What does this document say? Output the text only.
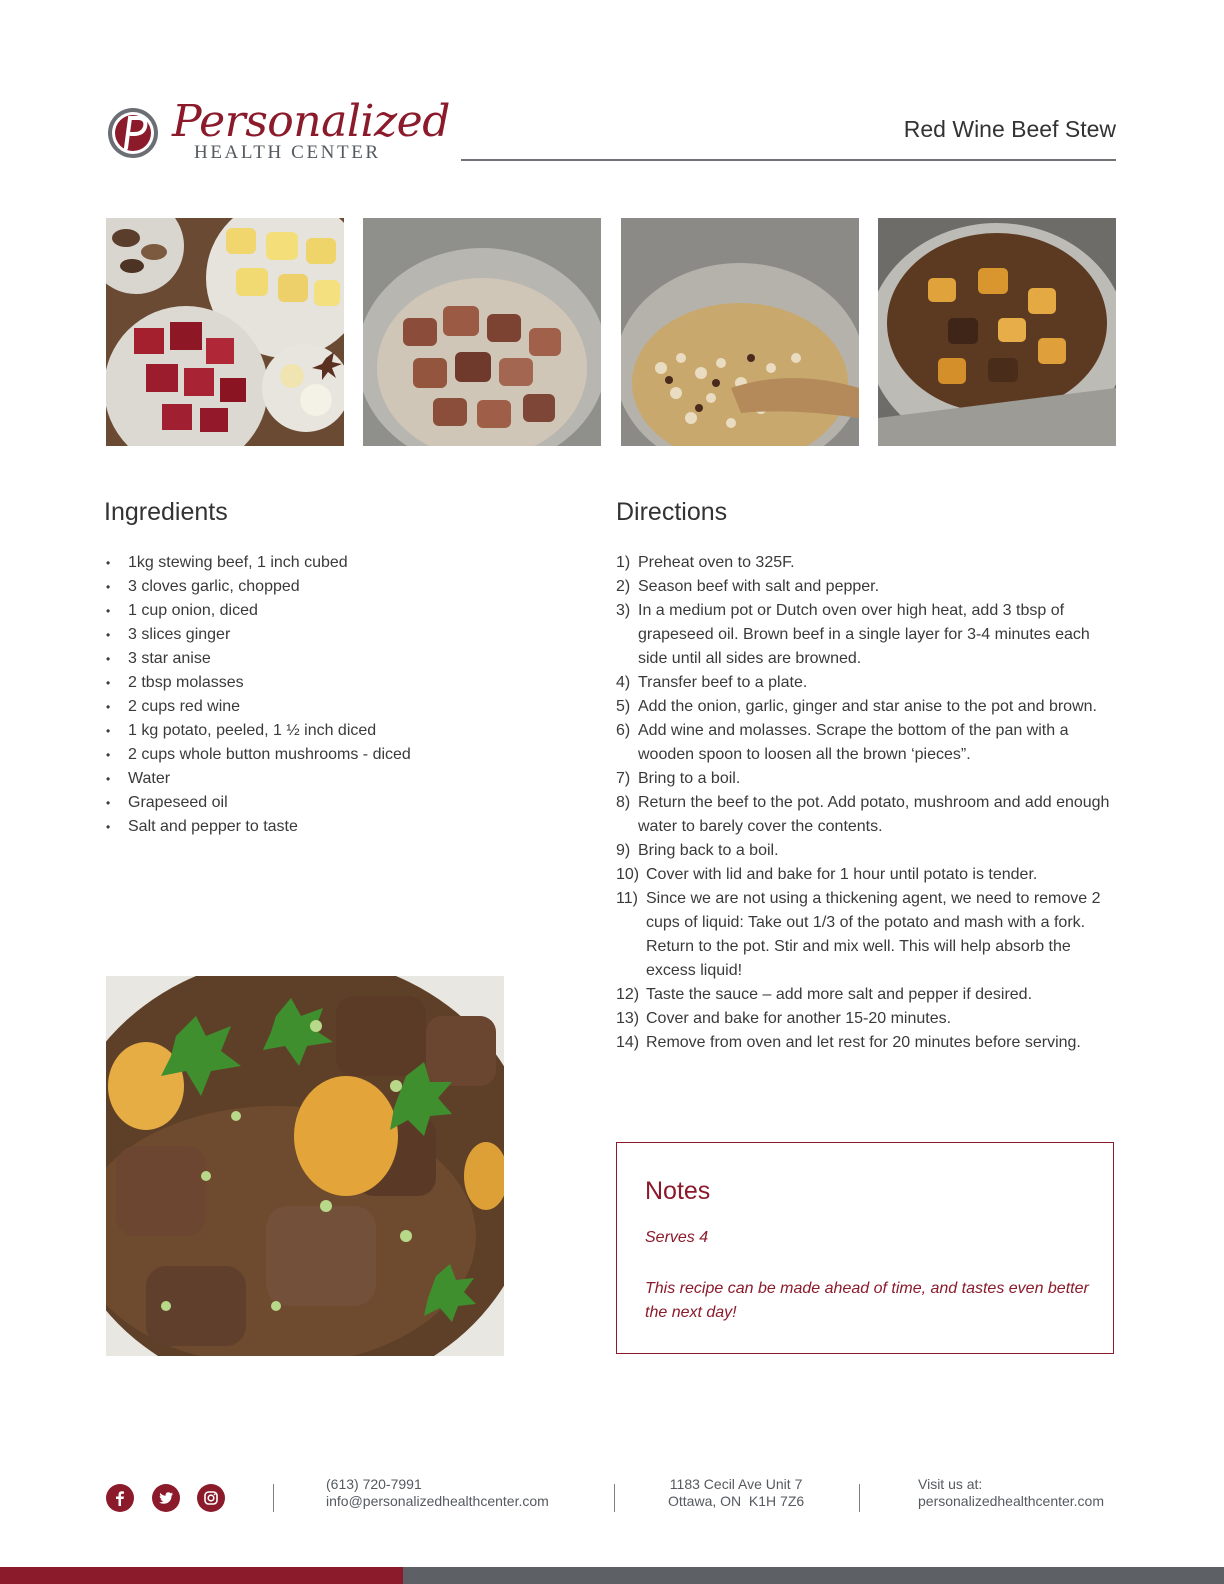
Personalized
HEALTH CENTER
Red Wine Beef Stew
Ingredients
• 1kg stewing beef, 1 inch cubed
• 3 cloves garlic, chopped
• 1 cup onion, diced
• 3 slices ginger
• 3 star anise
• 2 tbsp molasses
• 2 cups red wine
• 1 kg potato, peeled, 1 ½ inch diced
• 2 cups whole button mushrooms - diced
• Water
• Grapeseed oil
• Salt and pepper to taste
Directions
1) Preheat oven to 325F.
2) Season beef with salt and pepper.
3) In a medium pot or Dutch oven over high heat, add 3 tbsp of grapeseed oil. Brown beef in a single layer for 3-4 minutes each side until all sides are browned.
4) Transfer beef to a plate.
5) Add the onion, garlic, ginger and star anise to the pot and brown.
6) Add wine and molasses. Scrape the bottom of the pan with a wooden spoon to loosen all the brown ‘pieces”.
7) Bring to a boil.
8) Return the beef to the pot. Add potato, mushroom and add enough water to barely cover the contents.
9) Bring back to a boil.
10) Cover with lid and bake for 1 hour until potato is tender.
11) Since we are not using a thickening agent, we need to remove 2 cups of liquid: Take out 1/3 of the potato and mash with a fork. Return to the pot. Stir and mix well. This will help absorb the excess liquid!
12) Taste the sauce – add more salt and pepper if desired.
13) Cover and bake for another 15-20 minutes.
14) Remove from oven and let rest for 20 minutes before serving.
Notes
Serves 4
This recipe can be made ahead of time, and tastes even better the next day!
(613) 720-7991
info@personalizedhealthcenter.com
1183 Cecil Ave Unit 7
Ottawa, ON  K1H 7Z6
Visit us at:
personalizedhealthcenter.com
